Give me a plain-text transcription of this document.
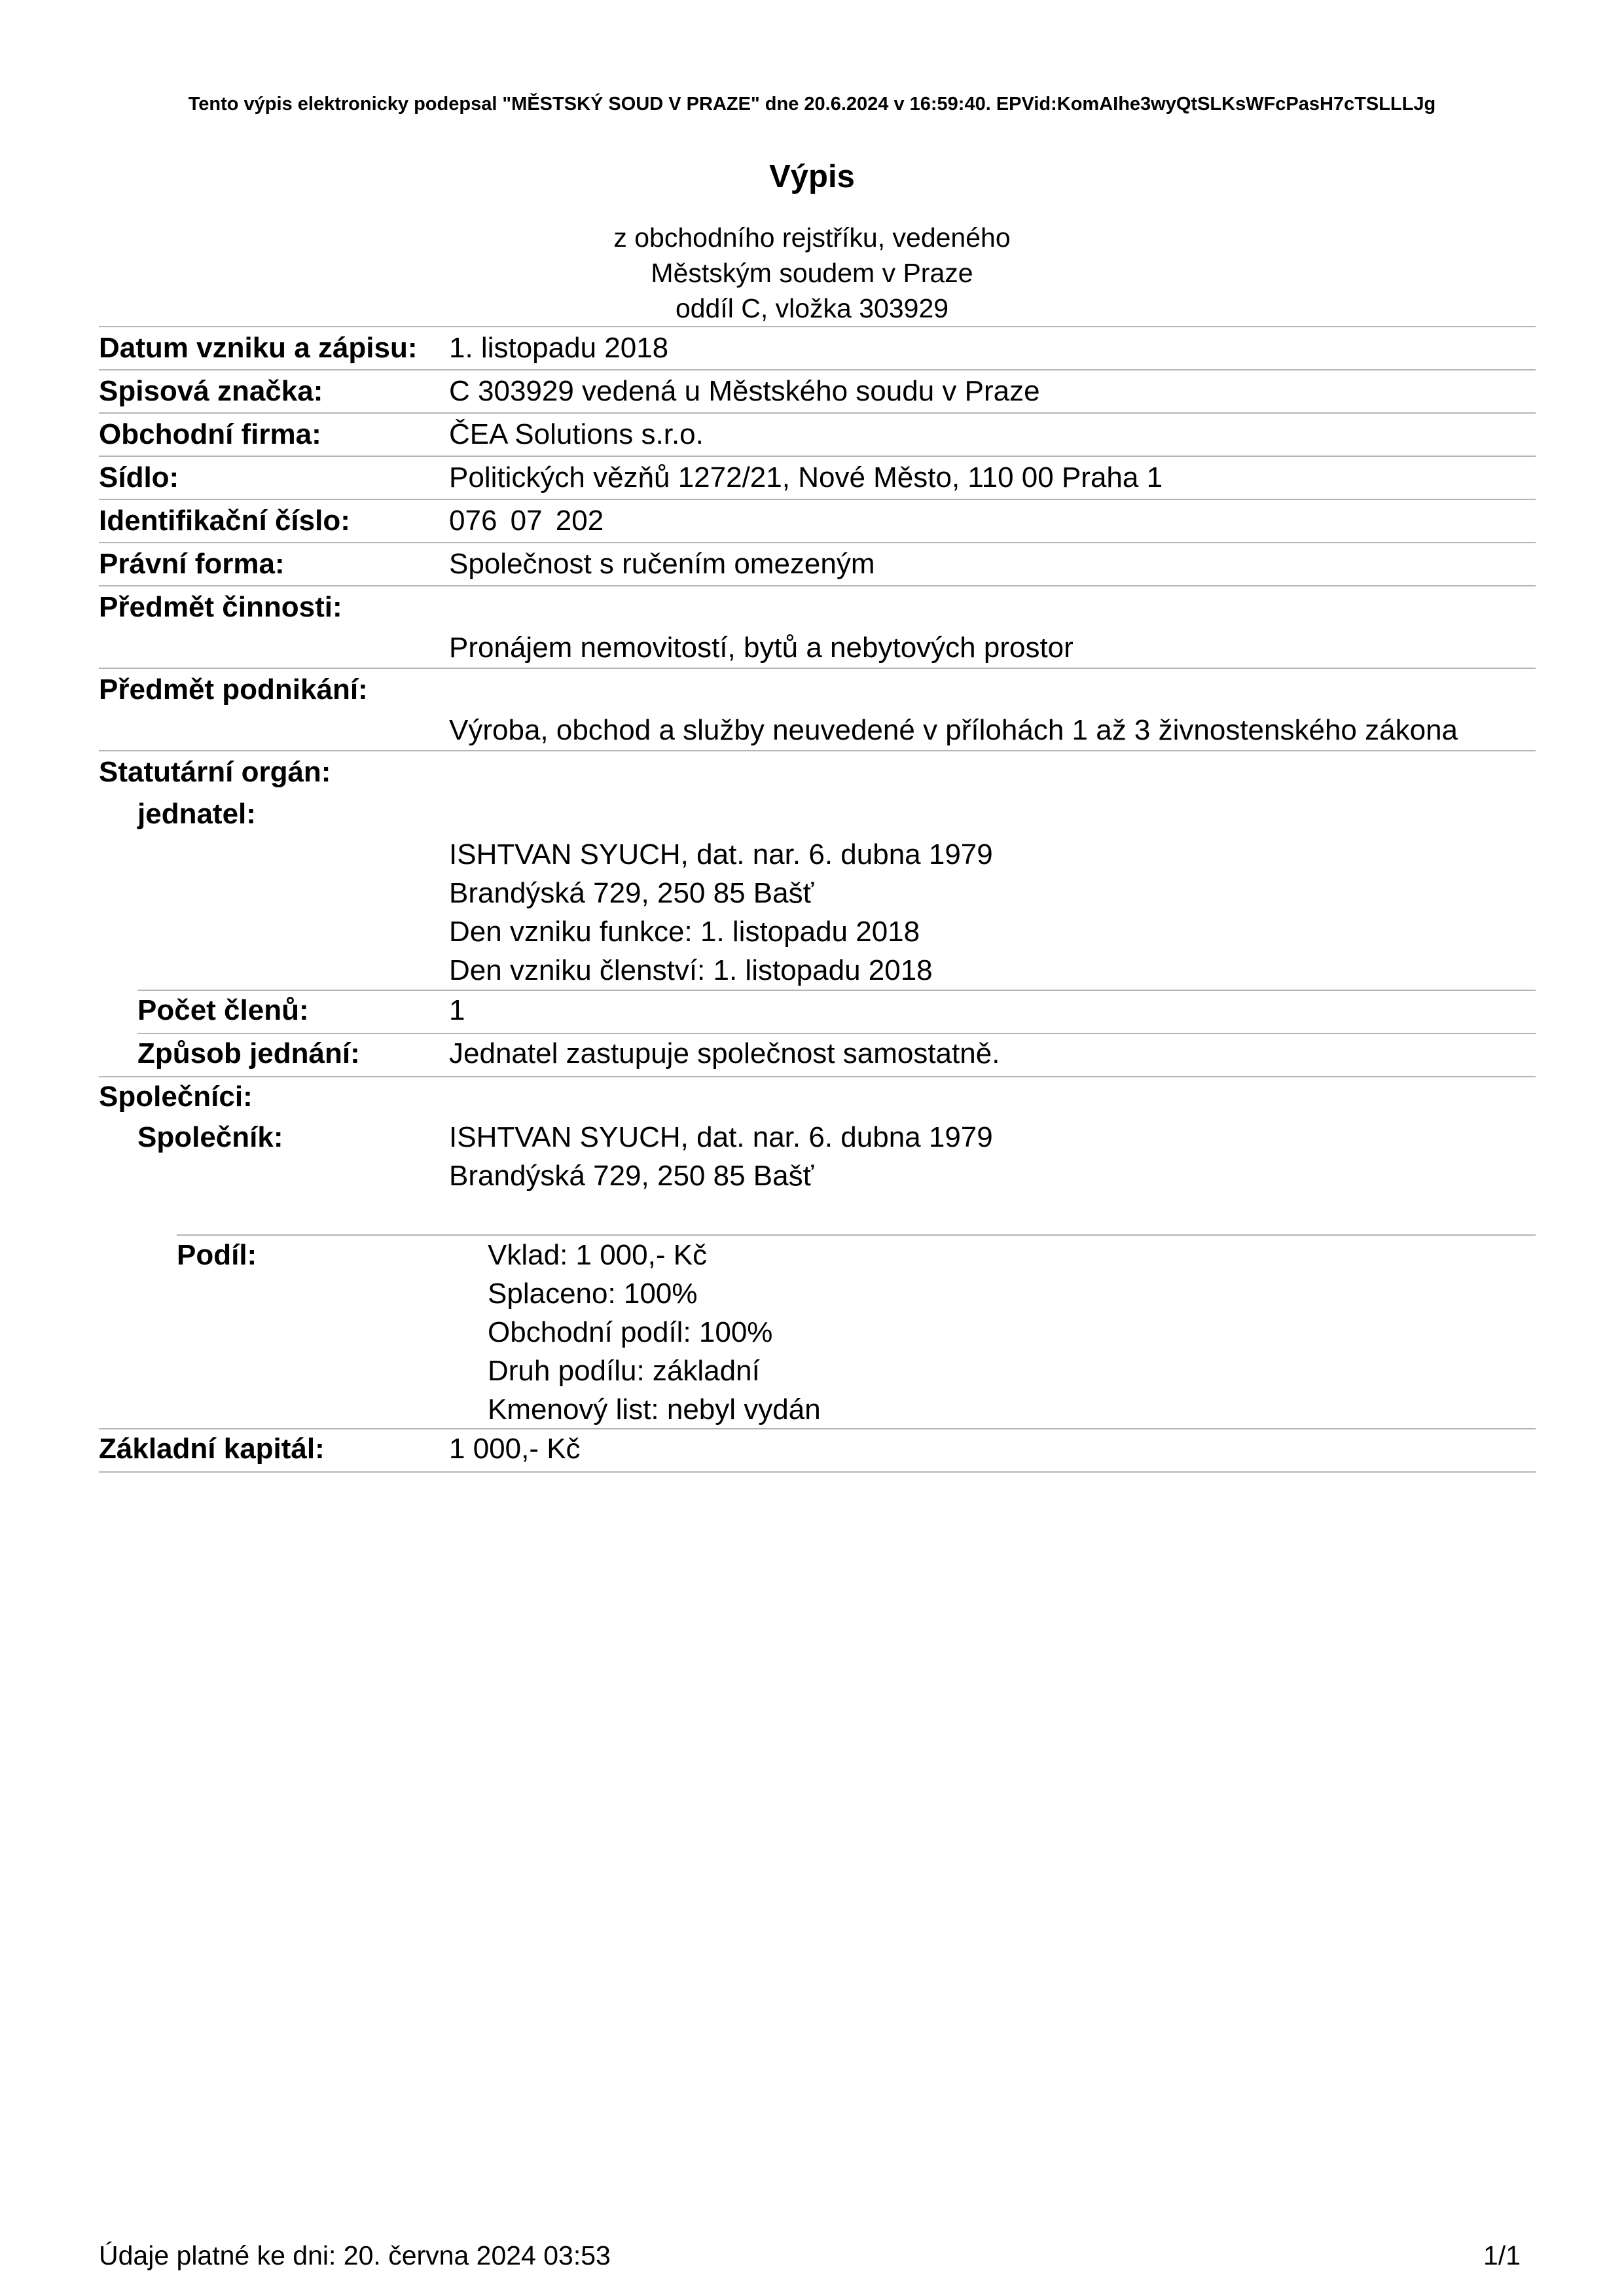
Tento výpis elektronicky podepsal "MĚSTSKÝ SOUD V PRAZE" dne 20.6.2024 v 16:59:40. EPVid:KomAIhe3wyQtSLKsWFcPasH7cTSLLLJg
Výpis
z obchodního rejstříku, vedeného
Městským soudem v Praze
oddíl C, vložka 303929
Datum vzniku a zápisu: 1. listopadu 2018
Spisová značka:	C 303929 vedená u Městského soudu v Praze
Obchodní firma:	ČEA Solutions s.r.o.
Sídlo:	Politických vězňů 1272/21, Nové Město, 110 00 Praha 1
Identifikační číslo:	076 07 202
Právní forma:	Společnost s ručením omezeným
Předmět činnosti:
Pronájem nemovitostí, bytů a nebytových prostor
Předmět podnikání:
Výroba, obchod a služby neuvedené v přílohách 1 až 3 živnostenského zákona
Statutární orgán:
jednatel:
ISHTVAN SYUCH, dat. nar. 6. dubna 1979
Brandýská 729, 250 85 Bašť
Den vzniku funkce: 1. listopadu 2018
Den vzniku členství: 1. listopadu 2018
Počet členů:	1
Způsob jednání:	Jednatel zastupuje společnost samostatně.
Společníci:
Společník:	ISHTVAN SYUCH, dat. nar. 6. dubna 1979
Brandýská 729, 250 85 Bašť
Podíl:	Vklad: 1 000,- Kč
Splaceno: 100%
Obchodní podíl: 100%
Druh podílu: základní
Kmenový list: nebyl vydán
Základní kapitál:	1 000,- Kč
Údaje platné ke dni: 20. června 2024 03:53	1/1
